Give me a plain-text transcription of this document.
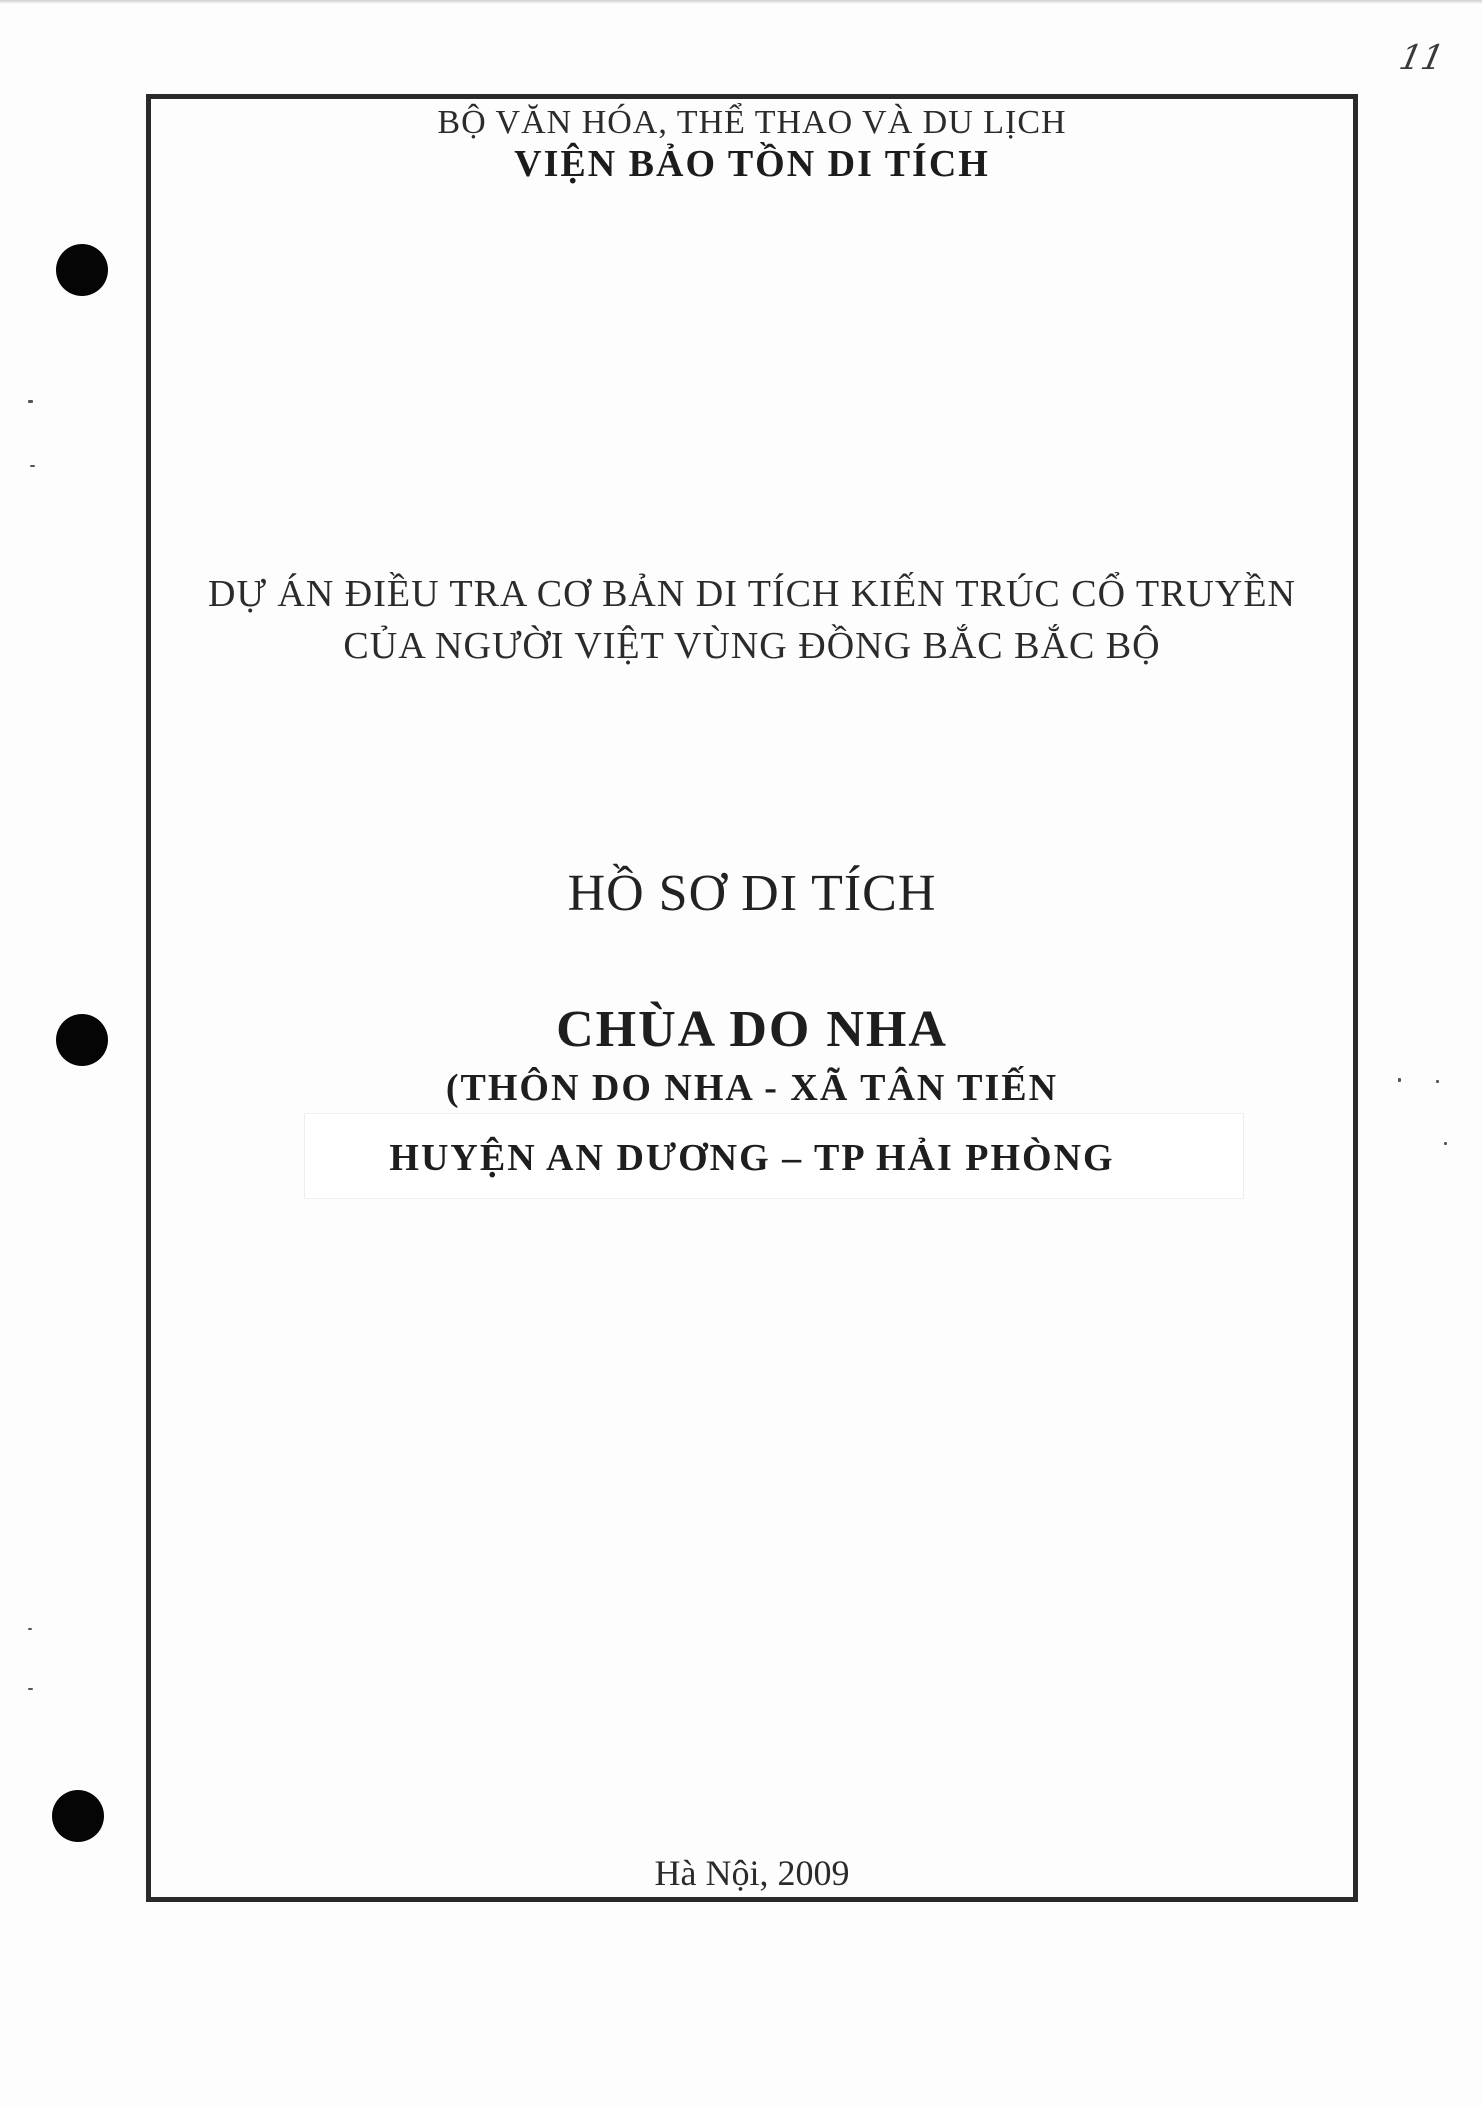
11
BỘ VĂN HÓA, THỂ THAO VÀ DU LỊCH
VIỆN BẢO TỒN DI TÍCH
DỰ ÁN ĐIỀU TRA CƠ BẢN DI TÍCH KIẾN TRÚC CỔ TRUYỀN
CỦA NGƯỜI VIỆT VÙNG ĐỒNG BẮC BẮC BỘ
HỒ SƠ DI TÍCH
CHÙA DO NHA
(THÔN DO NHA - XÃ TÂN TIẾN
HUYỆN AN DƯƠNG – TP HẢI PHÒNG
Hà Nội, 2009
